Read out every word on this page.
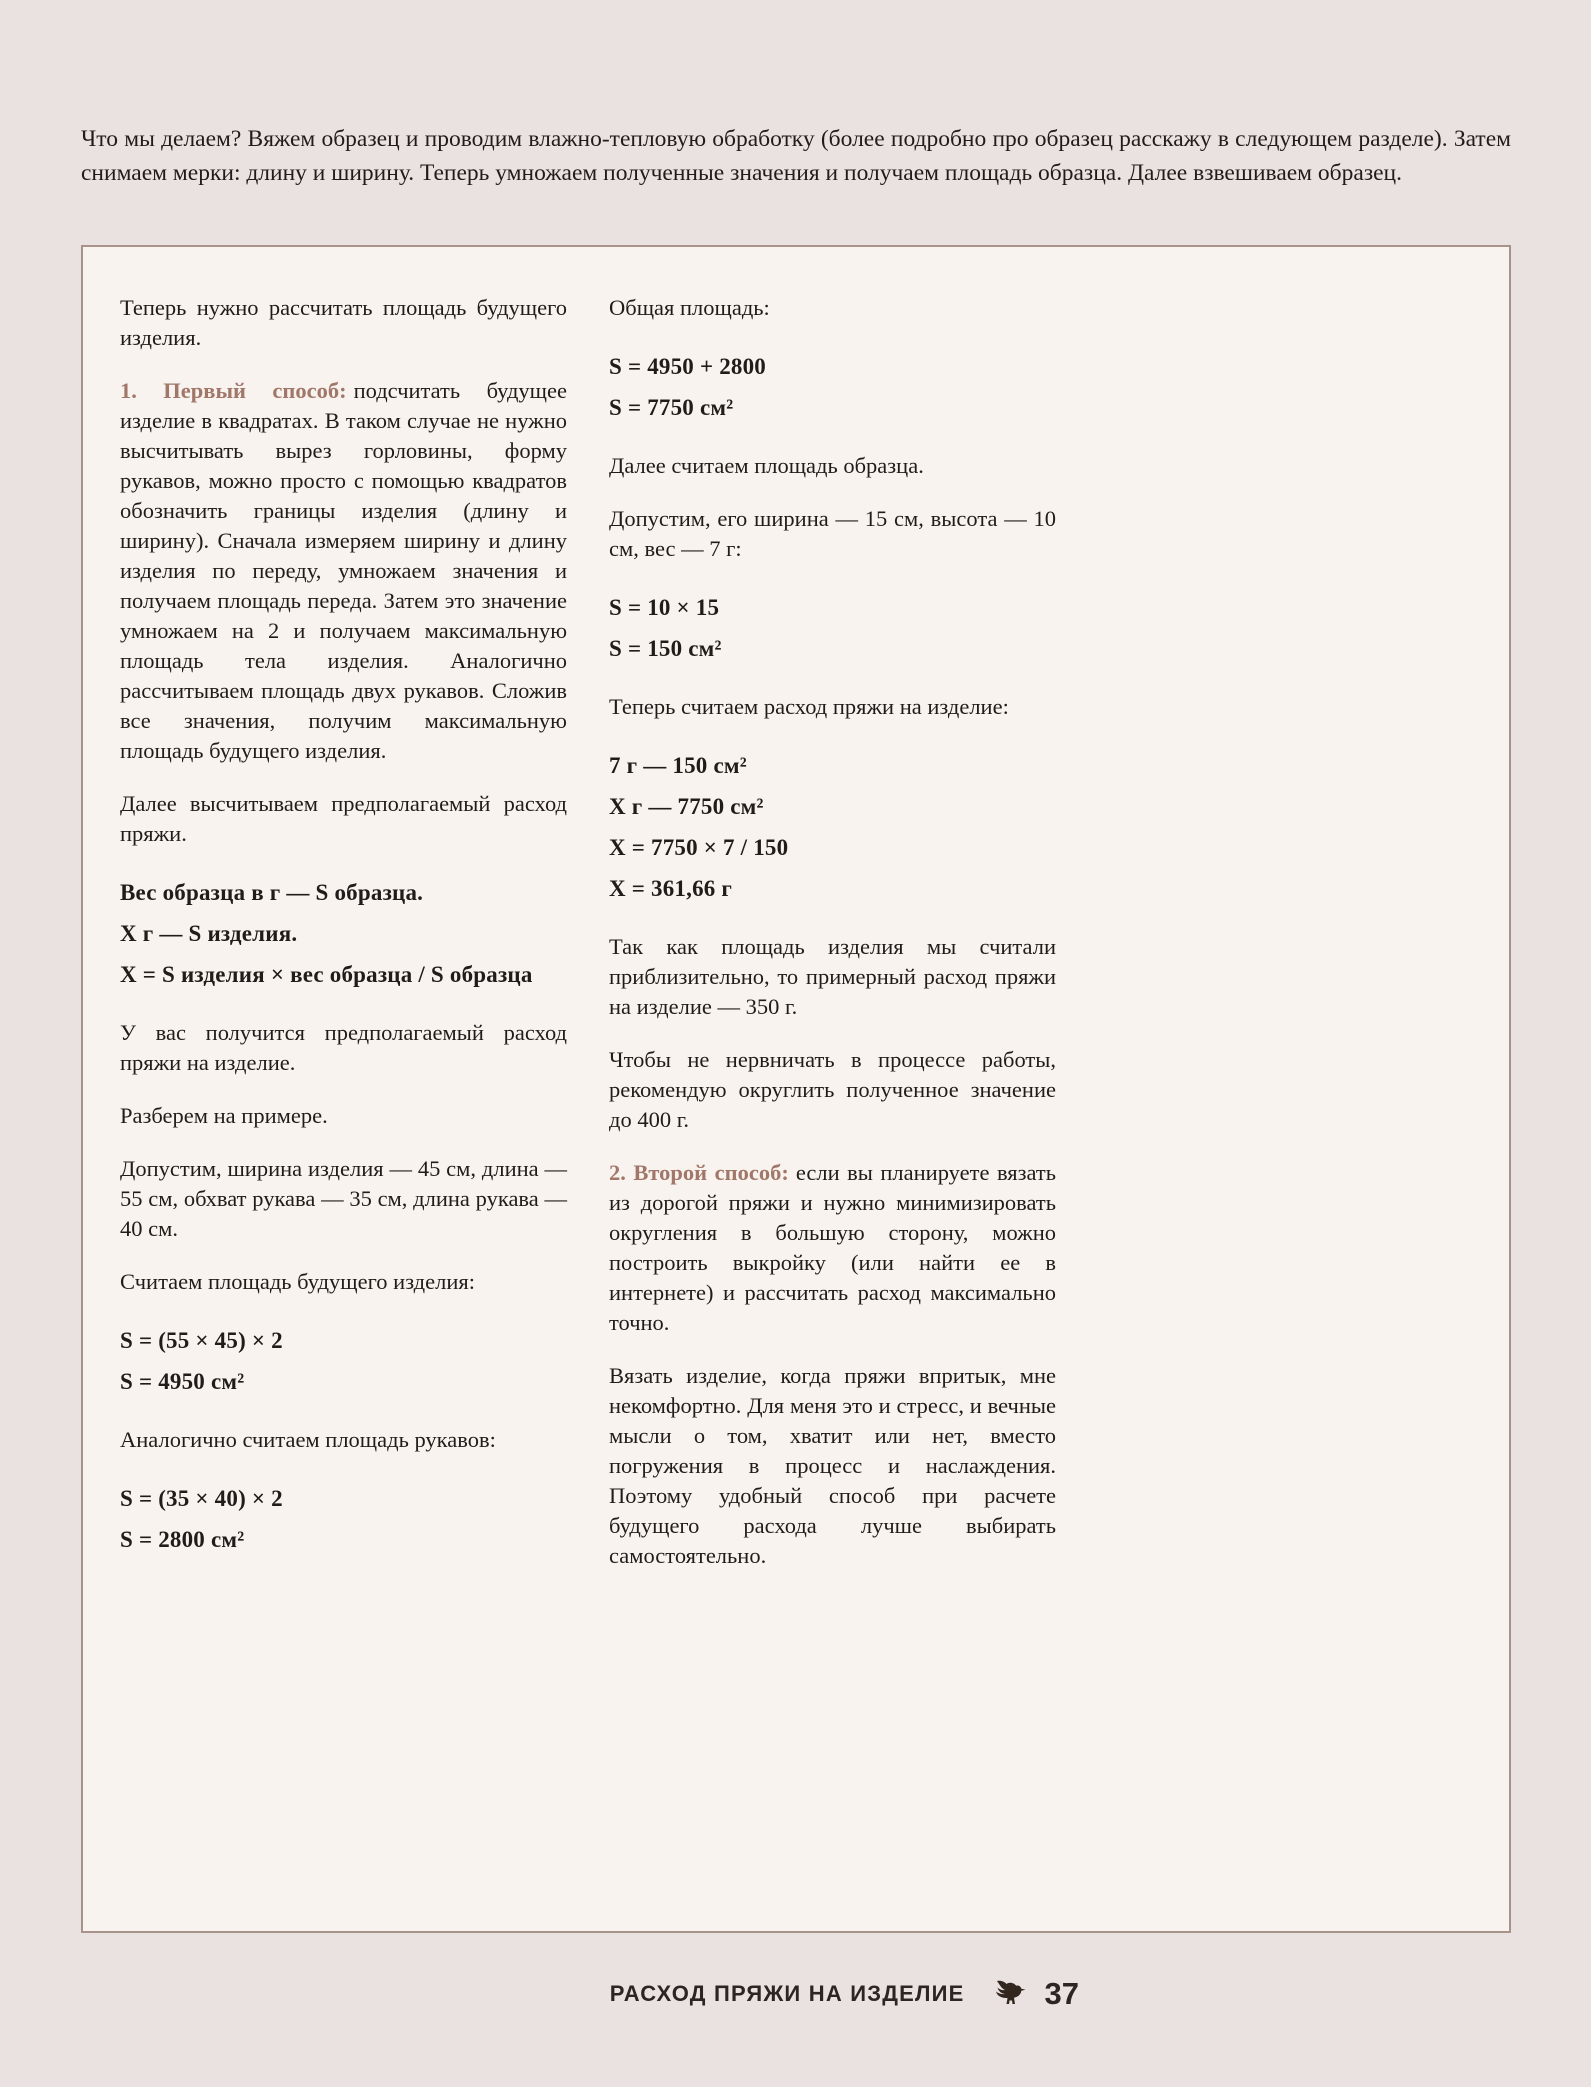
Что мы делаем? Вяжем образец и проводим влажно-тепловую обработку (более подробно про образец расскажу в следующем разделе). Затем снимаем мерки: длину и ширину. Теперь умножаем полученные значения и получаем площадь образца. Далее взвешиваем образец.

Теперь нужно рассчитать площадь будущего изделия.

1. Первый способ: подсчитать будущее изделие в квадратах. В таком случае не нужно высчитывать вырез горловины, форму рукавов, можно просто с помощью квадратов обозначить границы изделия (длину и ширину). Сначала измеряем ширину и длину изделия по переду, умножаем значения и получаем площадь переда. Затем это значение умножаем на 2 и получаем максимальную площадь тела изделия. Аналогично рассчитываем площадь двух рукавов. Сложив все значения, получим максимальную площадь будущего изделия.

Далее высчитываем предполагаемый расход пряжи.

Вес образца в г — S образца.
Х г — S изделия.
Х = S изделия × вес образца / S образца

У вас получится предполагаемый расход пряжи на изделие.

Разберем на примере.

Допустим, ширина изделия — 45 см, длина — 55 см, обхват рукава — 35 см, длина рукава — 40 см.

Считаем площадь будущего изделия:

S = (55 × 45) × 2
S = 4950 см²

Аналогично считаем площадь рукавов:

S = (35 × 40) × 2
S = 2800 см²

Общая площадь:

S = 4950 + 2800
S = 7750 см²

Далее считаем площадь образца.

Допустим, его ширина — 15 см, высота — 10 см, вес — 7 г:

S = 10 × 15
S = 150 см²

Теперь считаем расход пряжи на изделие:

7 г — 150 см²
Х г — 7750 см²
Х = 7750 × 7 / 150
Х = 361,66 г

Так как площадь изделия мы считали приблизительно, то примерный расход пряжи на изделие — 350 г.

Чтобы не нервничать в процессе работы, рекомендую округлить полученное значение до 400 г.

2. Второй способ: если вы планируете вязать из дорогой пряжи и нужно минимизировать округления в большую сторону, можно построить выкройку (или найти ее в интернете) и рассчитать расход максимально точно.

Вязать изделие, когда пряжи впритык, мне некомфортно. Для меня это и стресс, и вечные мысли о том, хватит или нет, вместо погружения в процесс и наслаждения. Поэтому удобный способ при расчете будущего расхода лучше выбирать самостоятельно.

РАСХОД ПРЯЖИ НА ИЗДЕЛИЕ	37
